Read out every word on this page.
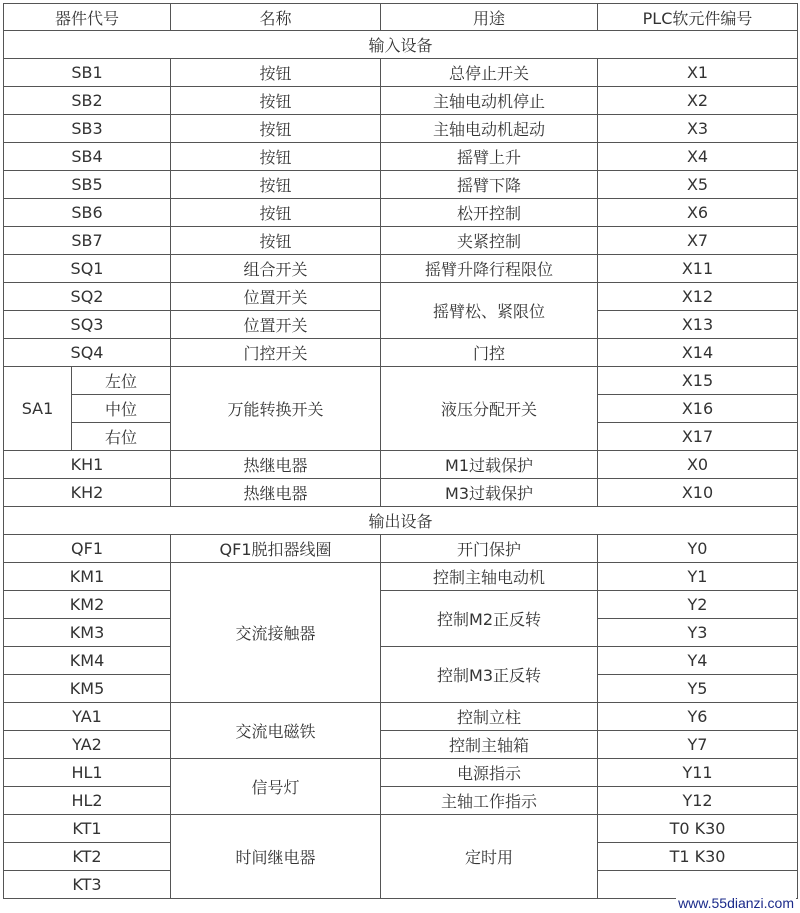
器件代号		名称	用途	PLC软元件编号
输入设备				
SB1		按钮	总停止开关	X1
SB2		按钮	主轴电动机停止	X2
SB3		按钮	主轴电动机起动	X3
SB4		按钮	摇臂上升	X4
SB5		按钮	摇臂下降	X5
SB6		按钮	松开控制	X6
SB7		按钮	夹紧控制	X7
SQ1		组合开关	摇臂升降行程限位	X11
SQ2		位置开关	摇臂松、紧限位	X12
SQ3		位置开关		X13
SQ4		门控开关	门控	X14
SA1	左位	万能转换开关	液压分配开关	X15
	中位			X16
	右位			X17
KH1		热继电器	M1过载保护	X0
KH2		热继电器	M3过载保护	X10
输出设备				
QF1		QF1脱扣器线圈	开门保护	Y0
KM1		交流接触器	控制主轴电动机	Y1
KM2			控制M2正反转	Y2
KM3				Y3
KM4			控制M3正反转	Y4
KM5				Y5
YA1		交流电磁铁	控制立柱	Y6
YA2			控制主轴箱	Y7
HL1		信号灯	电源指示	Y11
HL2			主轴工作指示	Y12
KT1		时间继电器	定时用	T0 K30
KT2				T1 K30
KT3				
www.55dianzi.com
